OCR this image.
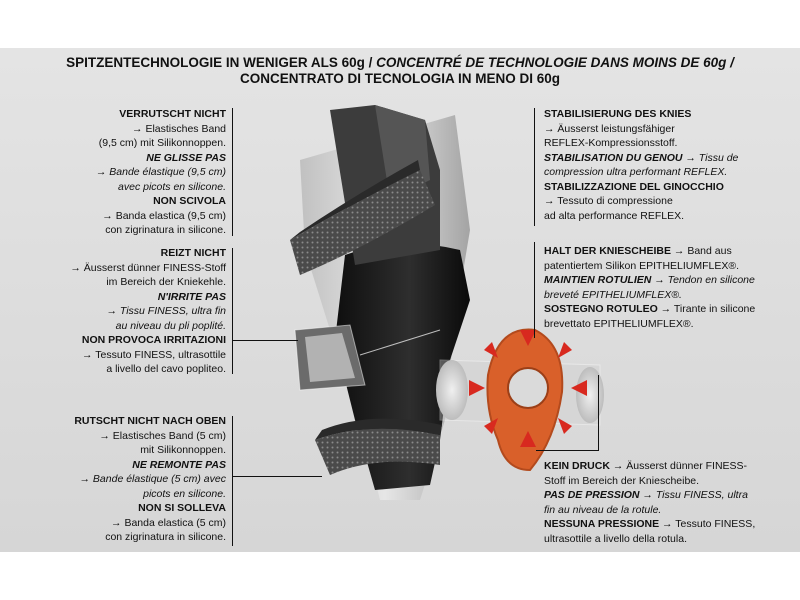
SPITZENTECHNOLOGIE IN WENIGER ALS 60g / CONCENTRÉ DE TECHNOLOGIE DANS MOINS DE 60g /
CONCENTRATO DI TECNOLOGIA IN MENO DI 60g

VERRUTSCHT NICHT

→ Elastisches Band

(9,5 cm) mit Silikonnoppen.

NE GLISSE PAS

→ Bande élastique (9,5 cm)

avec picots en silicone.

NON SCIVOLA

→ Banda elastica (9,5 cm)

con zigrinatura in silicone.

REIZT NICHT

→ Äusserst dünner FINESS-Stoff

im Bereich der Kniekehle.

N'IRRITE PAS

→ Tissu FINESS, ultra fin

au niveau du pli poplité.

NON PROVOCA IRRITAZIONI

→ Tessuto FINESS, ultrasottile

a livello del cavo popliteo.

RUTSCHT NICHT NACH OBEN

→ Elastisches Band (5 cm)

mit Silikonnoppen.

NE REMONTE PAS

→ Bande élastique (5 cm) avec

picots en silicone.

NON SI SOLLEVA

→ Banda elastica (5 cm)

con zigrinatura in silicone.

STABILISIERUNG DES KNIES

→ Äusserst leistungsfähiger

REFLEX-Kompressionsstoff.

STABILISATION DU GENOU → Tissu de

compression ultra performant REFLEX.

STABILIZZAZIONE DEL GINOCCHIO

→ Tessuto di compressione

ad alta performance REFLEX.

HALT DER KNIESCHEIBE → Band aus

patentiertem Silikon EPITHELIUMFLEX®.

MAINTIEN ROTULIEN → Tendon en silicone

breveté EPITHELIUMFLEX®.

SOSTEGNO ROTULEO → Tirante in silicone

brevettato EPITHELIUMFLEX®.

KEIN DRUCK → Äusserst dünner FINESS-

Stoff im Bereich der Kniescheibe.

PAS DE PRESSION → Tissu FINESS, ultra

fin au niveau de la rotule.

NESSUNA PRESSIONE → Tessuto FINESS,

ultrasottile a livello della rotula.
